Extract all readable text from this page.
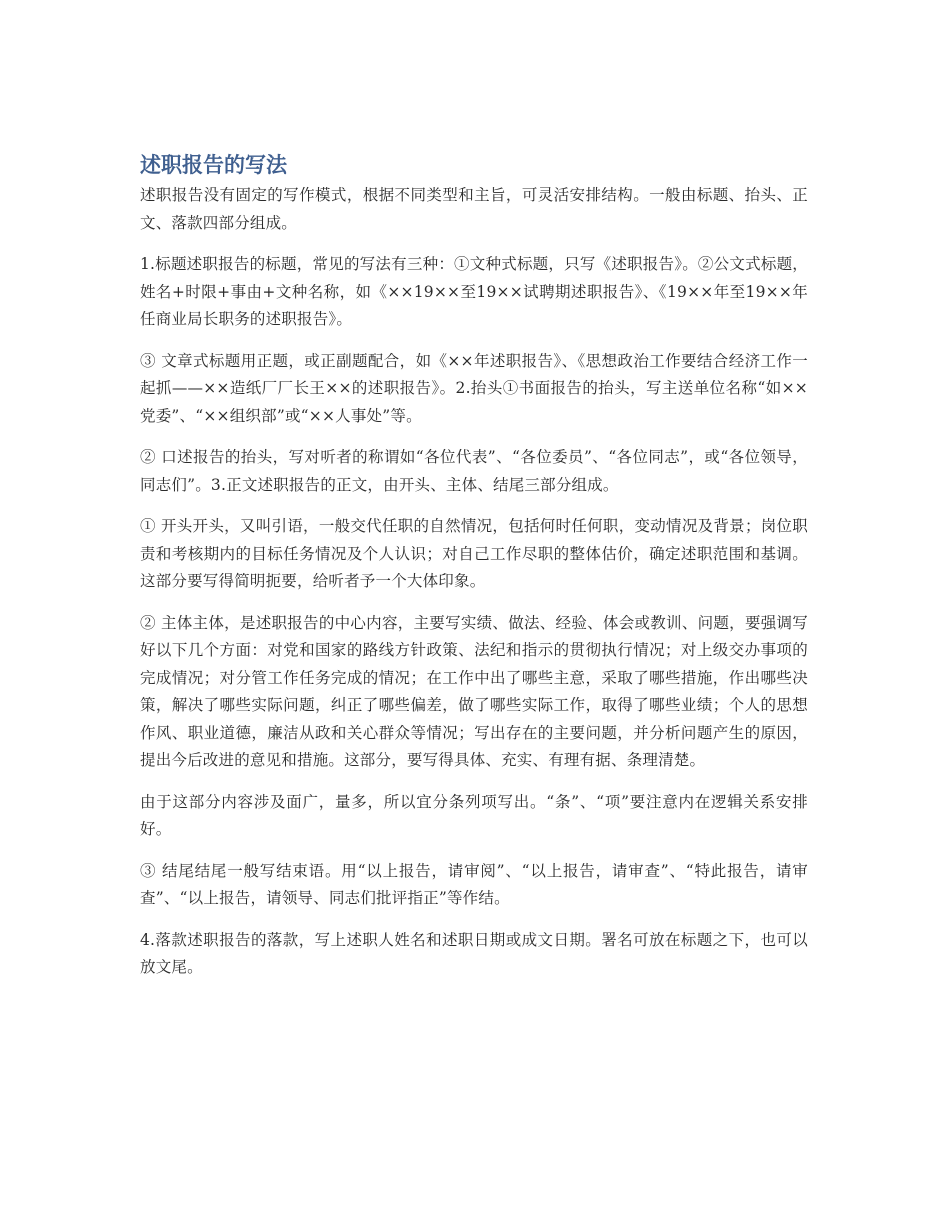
述职报告的写法

述职报告没有固定的写作模式，根据不同类型和主旨，可灵活安排结构。一般由标题、抬头、正文、落款四部分组成。

1.标题述职报告的标题，常见的写法有三种：①文种式标题，只写《述职报告》。②公文式标题，姓名+时限+事由+文种名称，如《××19××至19××试聘期述职报告》、《19××年至19××年任商业局长职务的述职报告》。

③ 文章式标题用正题，或正副题配合，如《××年述职报告》、《思想政治工作要结合经济工作一起抓——××造纸厂厂长王××的述职报告》。2.抬头①书面报告的抬头，写主送单位名称“如××党委”、“××组织部”或“××人事处”等。

② 口述报告的抬头，写对听者的称谓如“各位代表”、“各位委员”、“各位同志”，或“各位领导，同志们”。3.正文述职报告的正文，由开头、主体、结尾三部分组成。

① 开头开头，又叫引语，一般交代任职的自然情况，包括何时任何职，变动情况及背景；岗位职责和考核期内的目标任务情况及个人认识；对自己工作尽职的整体估价，确定述职范围和基调。这部分要写得简明扼要，给听者予一个大体印象。

② 主体主体，是述职报告的中心内容，主要写实绩、做法、经验、体会或教训、问题，要强调写好以下几个方面：对党和国家的路线方针政策、法纪和指示的贯彻执行情况；对上级交办事项的完成情况；对分管工作任务完成的情况；在工作中出了哪些主意，采取了哪些措施，作出哪些决策，解决了哪些实际问题，纠正了哪些偏差，做了哪些实际工作，取得了哪些业绩；个人的思想作风、职业道德，廉洁从政和关心群众等情况；写出存在的主要问题，并分析问题产生的原因，提出今后改进的意见和措施。这部分，要写得具体、充实、有理有据、条理清楚。

由于这部分内容涉及面广，量多，所以宜分条列项写出。“条”、“项”要注意内在逻辑关系安排好。

③ 结尾结尾一般写结束语。用“以上报告，请审阅”、“以上报告，请审查”、“特此报告，请审查”、“以上报告，请领导、同志们批评指正”等作结。

4.落款述职报告的落款，写上述职人姓名和述职日期或成文日期。署名可放在标题之下，也可以放文尾。
